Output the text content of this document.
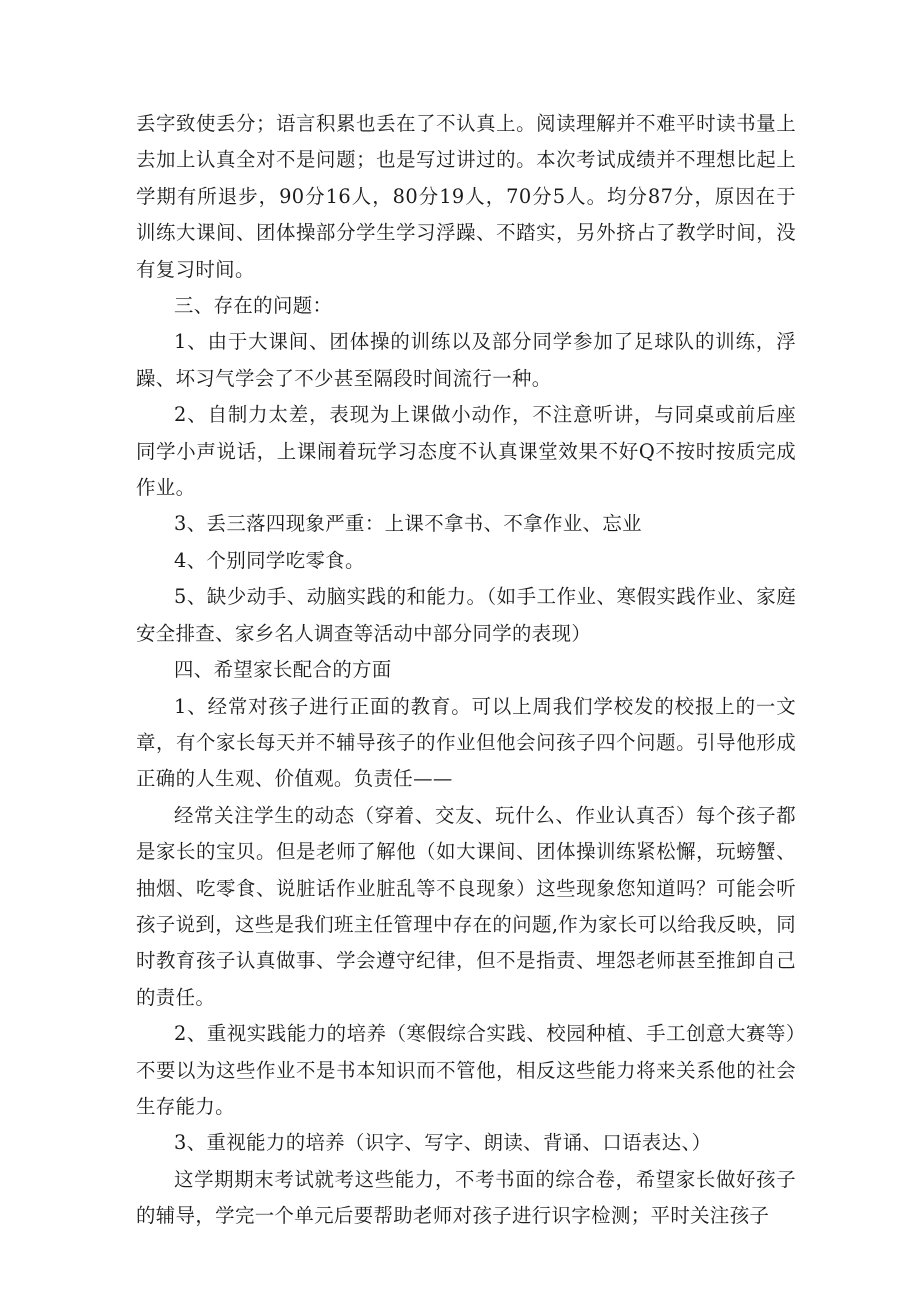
丢字致使丢分；语言积累也丢在了不认真上。阅读理解并不难平时读书量上去加上认真全对不是问题；也是写过讲过的。本次考试成绩并不理想比起上学期有所退步，90分16人，80分19人，70分5人。均分87分，原因在于训练大课间、团体操部分学生学习浮躁、不踏实，另外挤占了教学时间，没有复习时间。

三、存在的问题：

1、由于大课间、团体操的训练以及部分同学参加了足球队的训练，浮躁、坏习气学会了不少甚至隔段时间流行一种。

2、自制力太差，表现为上课做小动作，不注意听讲，与同桌或前后座同学小声说话，上课闹着玩学习态度不认真课堂效果不好Q不按时按质完成作业。

3、丢三落四现象严重：上课不拿书、不拿作业、忘业

4、个别同学吃零食。

5、缺少动手、动脑实践的和能力。（如手工作业、寒假实践作业、家庭安全排查、家乡名人调查等活动中部分同学的表现）

四、希望家长配合的方面

1、经常对孩子进行正面的教育。可以上周我们学校发的校报上的一文章，有个家长每天并不辅导孩子的作业但他会问孩子四个问题。引导他形成正确的人生观、价值观。负责任——

经常关注学生的动态（穿着、交友、玩什么、作业认真否）每个孩子都是家长的宝贝。但是老师了解他（如大课间、团体操训练紧松懈，玩螃蟹、抽烟、吃零食、说脏话作业脏乱等不良现象）这些现象您知道吗？可能会听孩子说到，这些是我们班主任管理中存在的问题,作为家长可以给我反映，同时教育孩子认真做事、学会遵守纪律，但不是指责、埋怨老师甚至推卸自己的责任。

2、重视实践能力的培养（寒假综合实践、校园种植、手工创意大赛等）不要以为这些作业不是书本知识而不管他，相反这些能力将来关系他的社会生存能力。

3、重视能力的培养（识字、写字、朗读、背诵、口语表达、）

这学期期末考试就考这些能力，不考书面的综合卷，希望家长做好孩子的辅导，学完一个单元后要帮助老师对孩子进行识字检测；平时关注孩子
